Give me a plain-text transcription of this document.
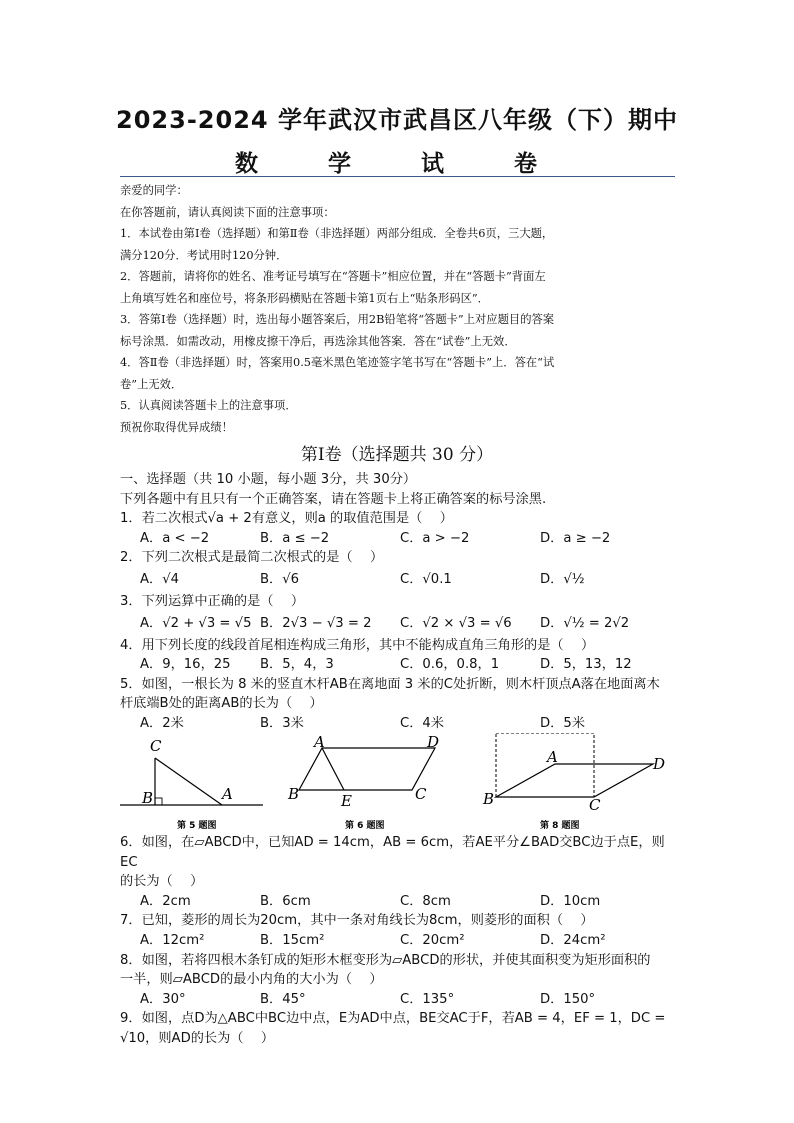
2023-2024 学年武汉市武昌区八年级（下）期中
数 学 试 卷

亲爱的同学：

在你答题前，请认真阅读下面的注意事项：

1．本试卷由第Ⅰ卷（选择题）和第Ⅱ卷（非选择题）两部分组成．全卷共6页，三大题，

满分120分．考试用时120分钟．

2．答题前，请将你的姓名、准考证号填写在“答题卡”相应位置，并在“答题卡”背面左

上角填写姓名和座位号，将条形码横贴在答题卡第1页右上“贴条形码区”．

3．答第Ⅰ卷（选择题）时，选出每小题答案后，用2B铅笔将“答题卡”上对应题目的答案

标号涂黑．如需改动，用橡皮擦干净后，再选涂其他答案．答在“试卷”上无效．

4．答Ⅱ卷（非选择题）时，答案用0.5毫米黑色笔迹签字笔书写在“答题卡”上．答在“试

卷”上无效．

5．认真阅读答题卡上的注意事项．

预祝你取得优异成绩！

第Ⅰ卷（选择题共 30 分）

一、选择题（共 10 小题，每小题 3分，共 30分）

下列各题中有且只有一个正确答案，请在答题卡上将正确答案的标号涂黑.

1．若二次根式√a + 2有意义，则a 的取值范围是（　 ）

A．a < −2	B．a ≤ −2	C．a > −2	D．a ≥ −2

2．下列二次根式是最简二次根式的是（　 ）

A．√4	B．√6	C．√0.1	D．√½

3．下列运算中正确的是（　 ）

A．√2 + √3 = √5 B．2√3 − √3 = 2	C．√2 × √3 = √6	D．√½ = 2√2

4．用下列长度的线段首尾相连构成三角形，其中不能构成直角三角形的是（　 ）

A．9，16，25	B．5，4，3	C．0.6，0.8，1	D．5，13，12

5．如图，一根长为 8 米的竖直木杆AB在离地面 3 米的C处折断，则木杆顶点A落在地面离木

杆底端B处的距离AB的长为（　 ）

A．2米	B．3米	C．4米	D．5米
C
B	A
第 5 题图
A	D
B	E	C
第 6 题图
A	D
B	C
第 8 题图

6．如图，在▱ABCD中，已知AD = 14cm，AB = 6cm，若AE平分∠BAD交BC边于点E，则EC

的长为（　 ）

A．2cm	B．6cm	C．8cm	D．10cm

7．已知，菱形的周长为20cm，其中一条对角线长为8cm，则菱形的面积（　 ）

A．12cm²	B．15cm²	C．20cm²	D．24cm²

8．如图，若将四根木条钉成的矩形木框变形为▱ABCD的形状，并使其面积变为矩形面积的

一半，则▱ABCD的最小内角的大小为（　 ）

A．30°	B．45°	C．135°	D．150°

9．如图，点D为△ABC中BC边中点，E为AD中点，BE交AC于F，若AB = 4，EF = 1，DC =

√10，则AD的长为（　 ）
